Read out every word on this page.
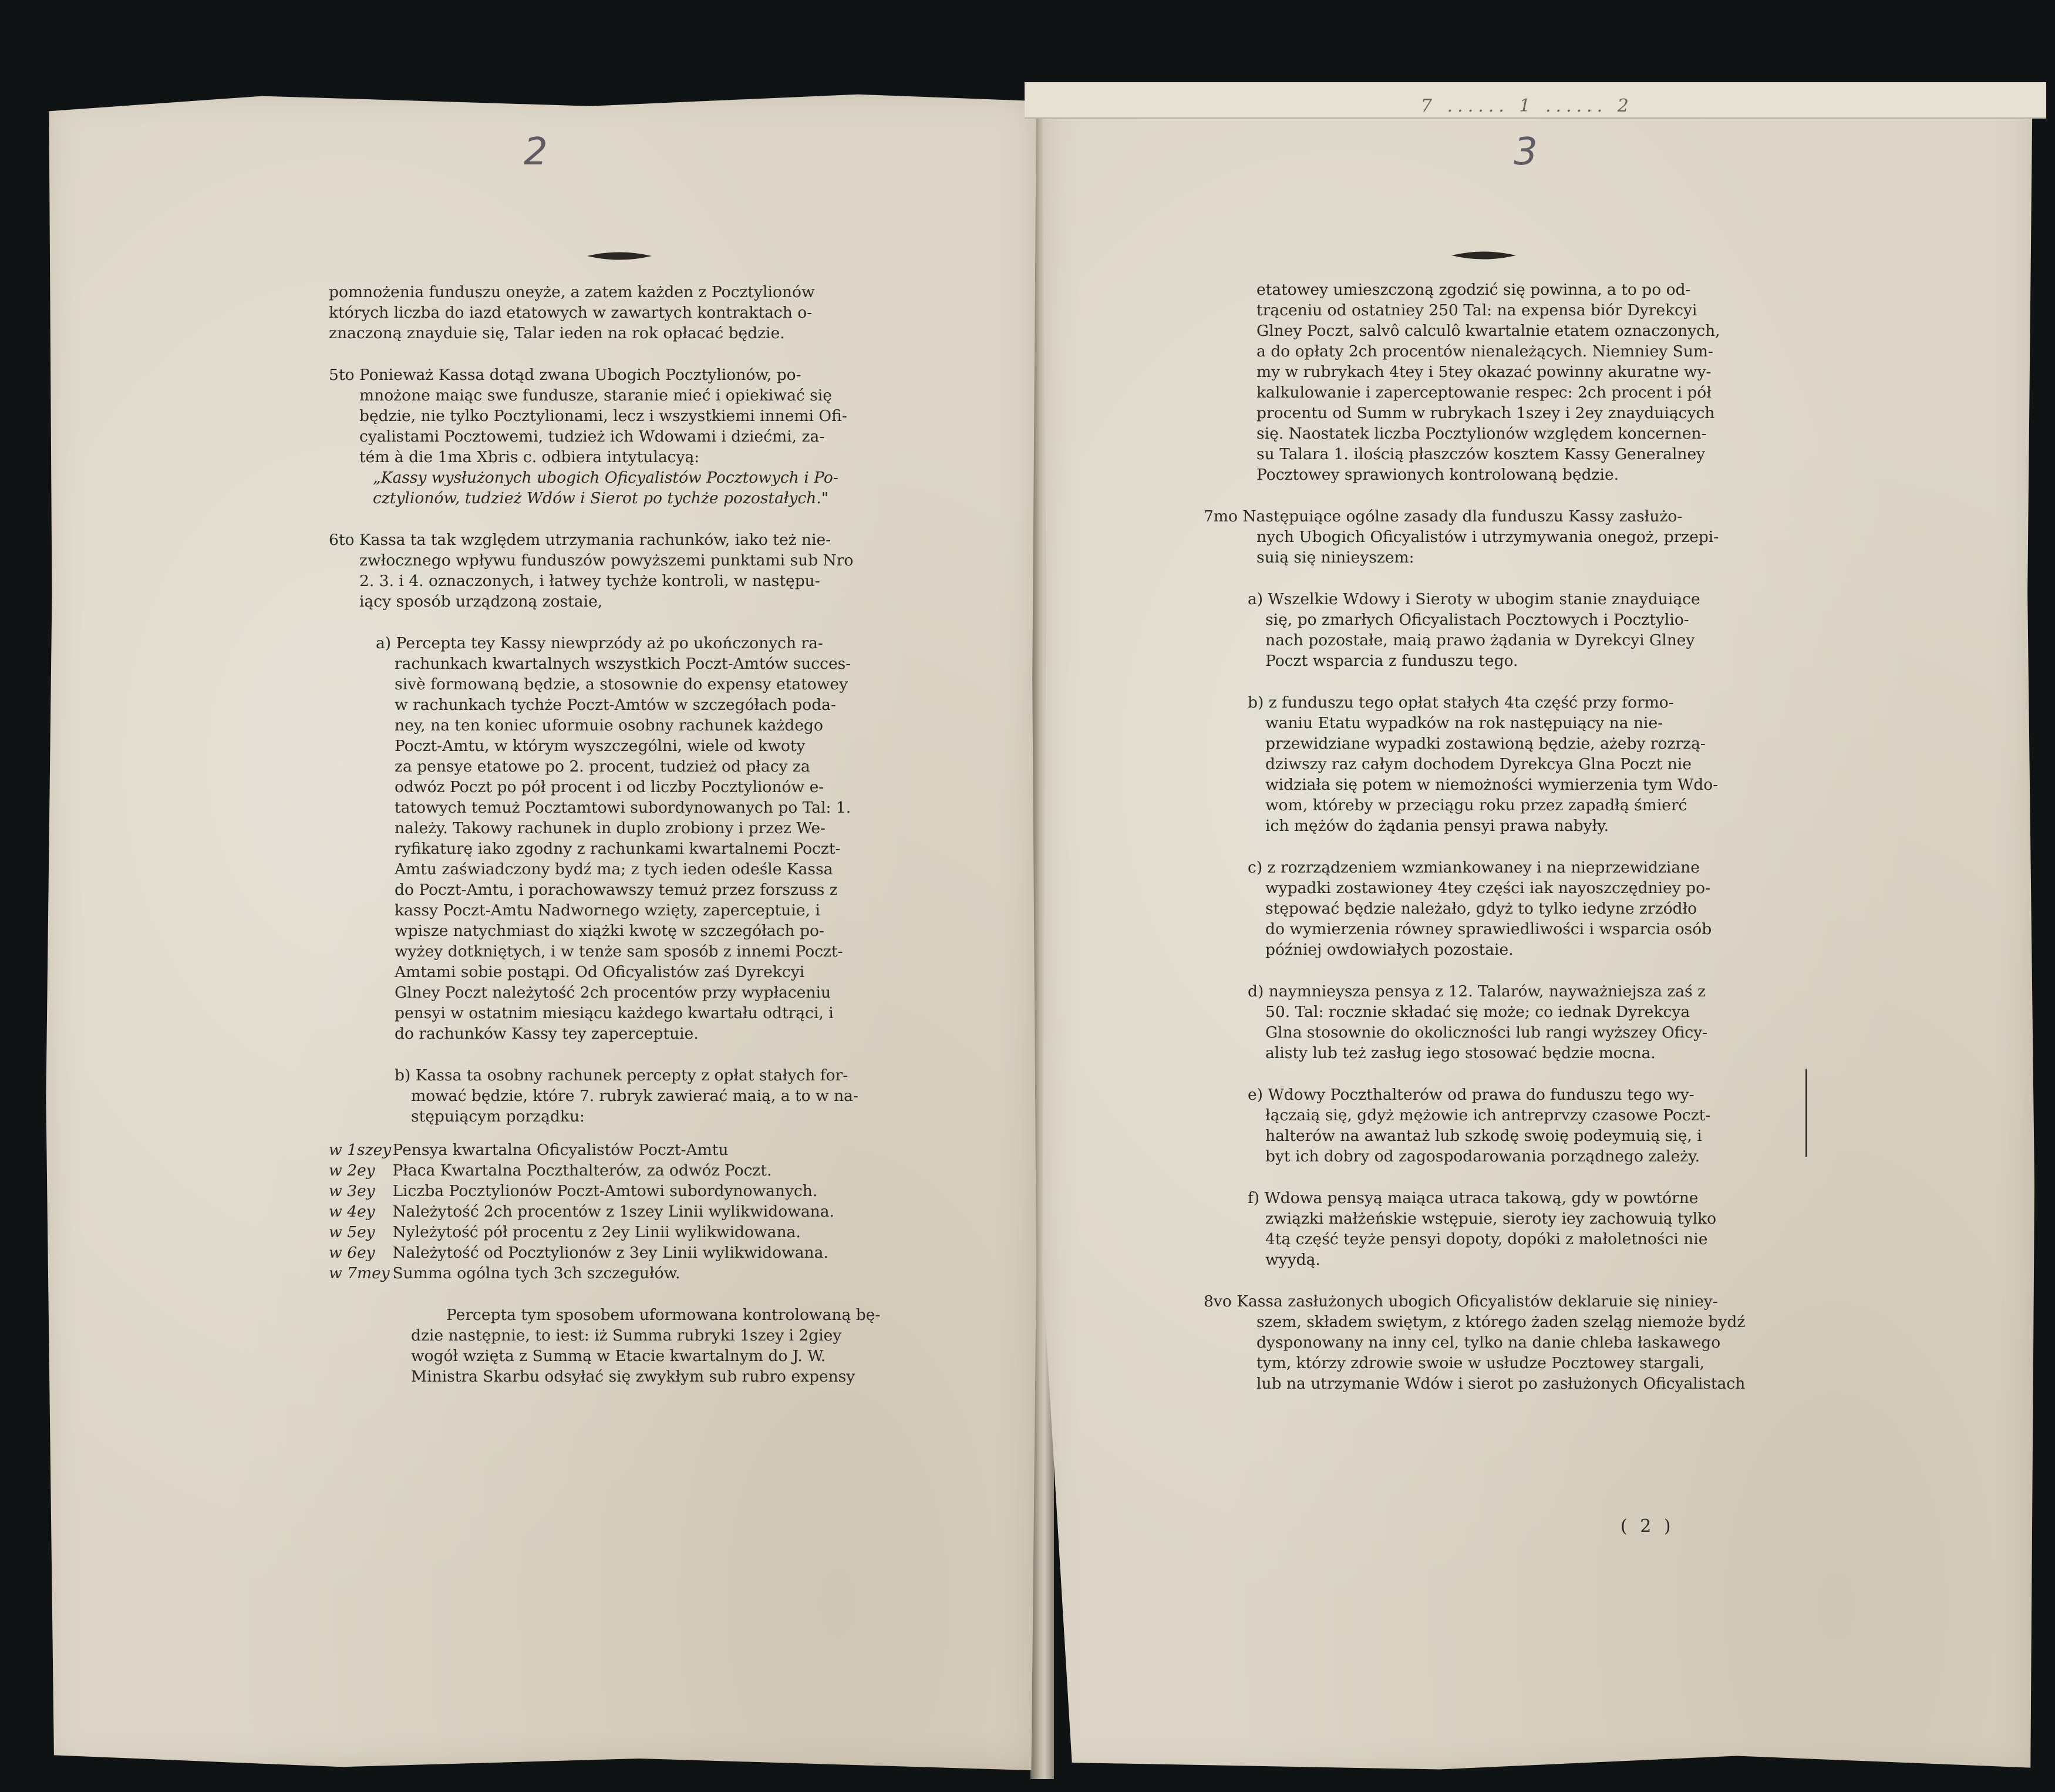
7 ...... 1 ...... 2
2	3

pomnożenia funduszu oneyże, a zatem każden z Pocztylionów

których liczba do iazd etatowych w zawartych kontraktach o-

znaczoną znayduie się, Talar ieden na rok opłacać będzie.

5to Ponieważ Kassa dotąd zwana Ubogich Pocztylionów, po-

mnożone maiąc swe fundusze, staranie mieć i opiekiwać się

będzie, nie tylko Pocztylionami, lecz i wszystkiemi innemi Ofi-

cyalistami Pocztowemi, tudzież ich Wdowami i dziećmi, za-

tém à die 1ma Xbris c. odbiera intytulacyą:

„Kassy wysłużonych ubogich Oficyalistów Pocztowych i Po-

cztylionów, tudzież Wdów i Sierot po tychże pozostałych."

6to Kassa ta tak względem utrzymania rachunków, iako też nie-

zwłocznego wpływu funduszów powyższemi punktami sub Nro

2. 3. i 4. oznaczonych, i łatwey tychże kontroli, w następu-

iący sposób urządzoną zostaie,

a) Percepta tey Kassy niewprzódy aż po ukończonych ra-

rachunkach kwartalnych wszystkich Poczt-Amtów succes-

sivè formowaną będzie, a stosownie do expensy etatowey

w rachunkach tychże Poczt-Amtów w szczegółach poda-

ney, na ten koniec uformuie osobny rachunek każdego

Poczt-Amtu, w którym wyszczególni, wiele od kwoty

za pensye etatowe po 2. procent, tudzież od płacy za

odwóz Poczt po pół procent i od liczby Pocztylionów e-

tatowych temuż Pocztamtowi subordynowanych po Tal: 1.

należy. Takowy rachunek in duplo zrobiony i przez We-

ryfikaturę iako zgodny z rachunkami kwartalnemi Poczt-

Amtu zaświadczony bydź ma; z tych ieden odeśle Kassa

do Poczt-Amtu, i porachowawszy temuż przez forszuss z

kassy Poczt-Amtu Nadwornego wzięty, zaperceptuie, i

wpisze natychmiast do xiążki kwotę w szczegółach po-

wyżey dotkniętych, i w tenże sam sposób z innemi Poczt-

Amtami sobie postąpi. Od Oficyalistów zaś Dyrekcyi

Glney Poczt należytość 2ch procentów przy wypłaceniu

pensyi w ostatnim miesiącu każdego kwartału odtrąci, i

do rachunków Kassy tey zaperceptuie.

b) Kassa ta osobny rachunek percepty z opłat stałych for-

mować będzie, które 7. rubryk zawierać maią, a to w na-

stępuiącym porządku:

w 1szey Pensya kwartalna Oficyalistów Poczt-Amtu
w 2ey Płaca Kwartalna Poczthalterów, za odwóz Poczt.
w 3ey Liczba Pocztylionów Poczt-Amtowi subordynowanych.
w 4ey Należytość 2ch procentów z 1szey Linii wylikwidowana.
w 5ey Nyleżytość pół procentu z 2ey Linii wylikwidowana.
w 6ey Należytość od Pocztylionów z 3ey Linii wylikwidowana.
w 7mey Summa ogólna tych 3ch szczegułów.

Percepta tym sposobem uformowana kontrolowaną bę-

dzie następnie, to iest: iż Summa rubryki 1szey i 2giey

wogół wzięta z Summą w Etacie kwartalnym do J. W.

Ministra Skarbu odsyłać się zwykłym sub rubro expensy

etatowey umieszczoną zgodzić się powinna, a to po od-

trąceniu od ostatniey 250 Tal: na expensa biór Dyrekcyi

Glney Poczt, salvô calculô kwartalnie etatem oznaczonych,

a do opłaty 2ch procentów nienależących. Niemniey Sum-

my w rubrykach 4tey i 5tey okazać powinny akuratne wy-

kalkulowanie i zaperceptowanie respec: 2ch procent i pół

procentu od Summ w rubrykach 1szey i 2ey znayduiących

się. Naostatek liczba Pocztylionów względem koncernen-

su Talara 1. ilością płaszczów kosztem Kassy Generalney

Pocztowey sprawionych kontrolowaną będzie.

7mo Następuiące ogólne zasady dla funduszu Kassy zasłużo-

nych Ubogich Oficyalistów i utrzymywania onegoż, przepi-

suią się ninieyszem:

a) Wszelkie Wdowy i Sieroty w ubogim stanie znayduiące

się, po zmarłych Oficyalistach Pocztowych i Pocztylio-

nach pozostałe, maią prawo żądania w Dyrekcyi Glney

Poczt wsparcia z funduszu tego.

b) z funduszu tego opłat stałych 4ta część przy formo-

waniu Etatu wypadków na rok następuiący na nie-

przewidziane wypadki zostawioną będzie, ażeby rozrzą-

dziwszy raz całym dochodem Dyrekcya Glna Poczt nie

widziała się potem w niemożności wymierzenia tym Wdo-

wom, któreby w przeciągu roku przez zapadłą śmierć

ich mężów do żądania pensyi prawa nabyły.

c) z rozrządzeniem wzmiankowaney i na nieprzewidziane

wypadki zostawioney 4tey części iak nayoszczędniey po-

stępować będzie należało, gdyż to tylko iedyne zrzódło

do wymierzenia równey sprawiedliwości i wsparcia osób

później owdowiałych pozostaie.

d) naymnieysza pensya z 12. Talarów, nayważniejsza zaś z

50. Tal: rocznie składać się może; co iednak Dyrekcya

Glna stosownie do okoliczności lub rangi wyższey Oficy-

alisty lub też zasług iego stosować będzie mocna.

e) Wdowy Poczthalterów od prawa do funduszu tego wy-

łączaią się, gdyż mężowie ich antreprvzy czasowe Poczt-

halterów na awantaż lub szkodę swoię podeymuią się, i

byt ich dobry od zagospodarowania porządnego zależy.

f) Wdowa pensyą maiąca utraca takową, gdy w powtórne

związki małżeńskie wstępuie, sieroty iey zachowuią tylko

4tą część teyże pensyi dopoty, dopóki z małoletności nie

wyydą.

8vo Kassa zasłużonych ubogich Oficyalistów deklaruie się niniey-

szem, składem swiętym, z którego żaden szeląg niemoże bydź

dysponowany na inny cel, tylko na danie chleba łaskawego

tym, którzy zdrowie swoie w usłudze Pocztowey stargali,

lub na utrzymanie Wdów i sierot po zasłużonych Oficyalistach

( 2 )
